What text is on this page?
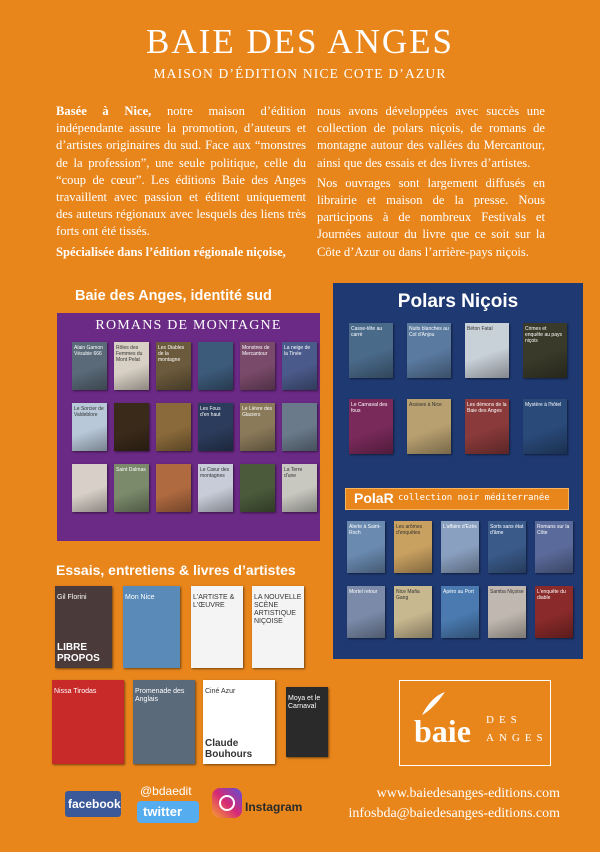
BAIE DES ANGES
MAISON D’ÉDITION NICE COTE D’AZUR

Basée à Nice, notre maison d’édition indépendante assure la promotion, d’auteurs et d’artistes originaires du sud. Face aux “monstres de la profession”, une seule politique, celle du “coup de cœur”. Les éditions Baie des Anges travaillent avec passion et éditent uniquement des auteurs régionaux avec lesquels des liens très forts ont été tissés.

Spécialisée dans l’édition régionale niçoise,

nous avons développées avec succès une collection de polars niçois, de romans de montagne autour des vallées du Mercantour, ainsi que des essais et des livres d’artistes.

Nos ouvrages sont largement diffusés en librairie et maison de la presse. Nous participons à de nombreux Festivals et Journées autour du livre que ce soit sur la Côte d’Azur ou dans l’arrière-pays niçois.

Baie des Anges, identité sud
ROMANS DE MONTAGNE
Alain Gamon Vésubie 666
Rôles des Femmes du Mont Pelat
Les Diables de la montagne
Monstres de Mercantour
La neige de la Tinée
Le Sorcier de Valdeblore
Les Fous d'en haut
Le Lièvre des Glaciers
Saint Dalmas	Le Cœur des montagnes
La Terre d'une
Polars Niçois
Casse-tête au carré
Nuits blanches au Col d'Anjou
Béton Fatal	Crimes et enquête au pays niçois
Le Carnaval des fous
Assises à Nice	Les démons de la Baie des Anges
Mystère à l'hôtel
PolaR collection noir méditerranée
Alerte à Saint-Roch
Les arômes d'enquêtes
L'affaire d'Ezès	Sorts sans état d'âme
Romans sur la Côte
Mortel retour	Nice Mafia Gang
Apéro au Port	Samba Niçoise	L'enquête du diable
Essais, entretiens & livres d’artistes
Gil Florini
LIBRE PROPOS
Mon Nice	L'ARTISTE & L'ŒUVRE
LA NOUVELLE SCÈNE ARTISTIQUE NIÇOISE
Nissa Tirodas	Promenade des Anglais
Ciné Azur
Claude Bouhours
Moya et le Carnaval
baie DES
ANGES
facebook
@bdaedit
twitter	Instagram
www.baiedesanges-editions.com
infosbda@baiedesanges-editions.com
